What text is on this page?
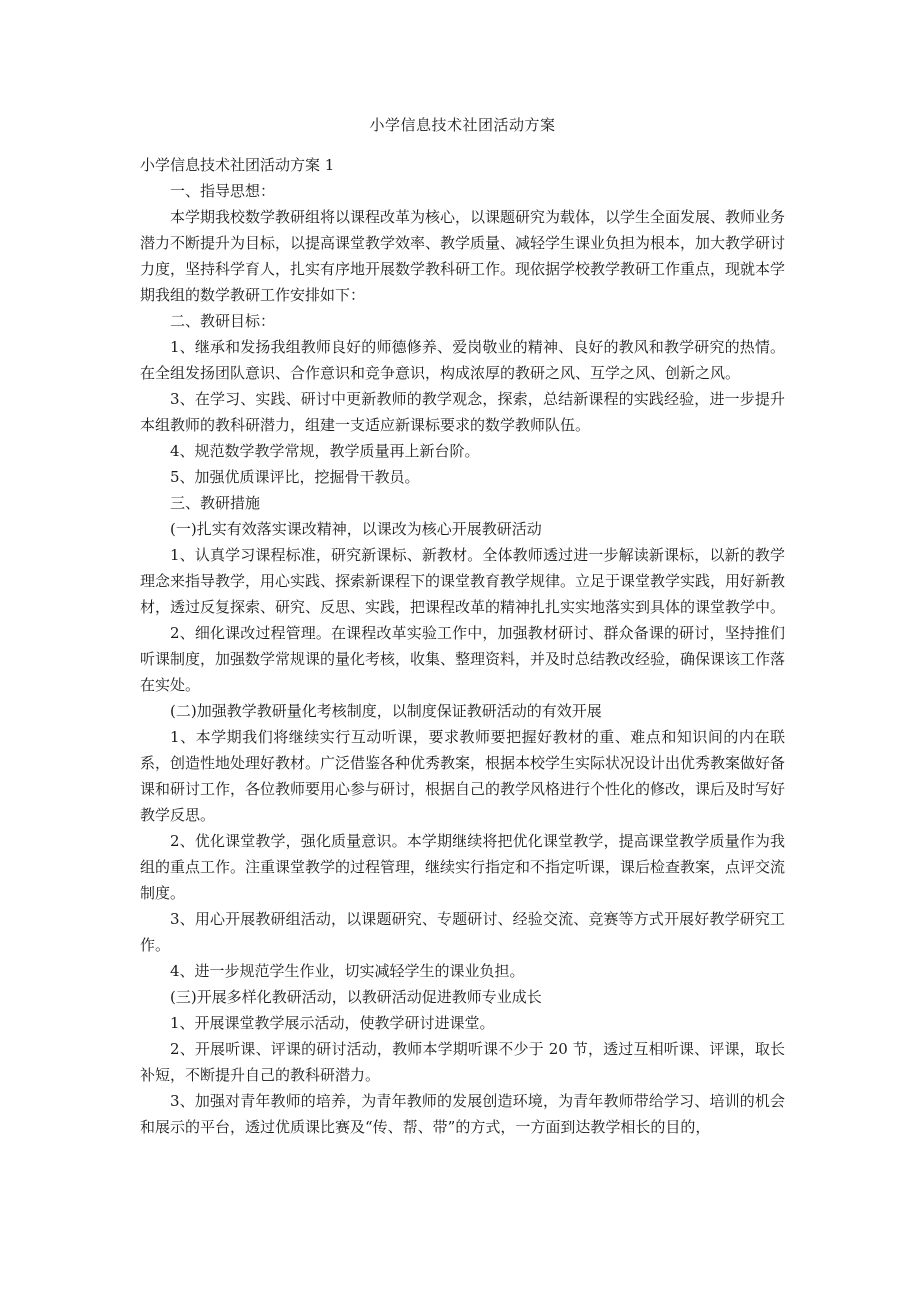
小学信息技术社团活动方案

小学信息技术社团活动方案 1

一、指导思想：

本学期我校数学教研组将以课程改革为核心，以课题研究为载体，以学生全面发展、教师业务潜力不断提升为目标，以提高课堂教学效率、教学质量、减轻学生课业负担为根本，加大教学研讨力度，坚持科学育人，扎实有序地开展数学教科研工作。现依据学校教学教研工作重点，现就本学期我组的数学教研工作安排如下：

二、教研目标：

1、继承和发扬我组教师良好的师德修养、爱岗敬业的精神、良好的教风和教学研究的热情。在全组发扬团队意识、合作意识和竞争意识，构成浓厚的教研之风、互学之风、创新之风。

3、在学习、实践、研讨中更新教师的教学观念，探索，总结新课程的实践经验，进一步提升本组教师的教科研潜力，组建一支适应新课标要求的数学教师队伍。

4、规范数学教学常规，教学质量再上新台阶。

5、加强优质课评比，挖掘骨干教员。

三、教研措施

(一)扎实有效落实课改精神，以课改为核心开展教研活动

1、认真学习课程标准，研究新课标、新教材。全体教师透过进一步解读新课标，以新的教学理念来指导教学，用心实践、探索新课程下的课堂教育教学规律。立足于课堂教学实践，用好新教材，透过反复探索、研究、反思、实践，把课程改革的精神扎扎实实地落实到具体的课堂教学中。

2、细化课改过程管理。在课程改革实验工作中，加强教材研讨、群众备课的研讨，坚持推们听课制度，加强数学常规课的量化考核，收集、整理资料，并及时总结教改经验，确保课该工作落在实处。

(二)加强教学教研量化考核制度，以制度保证教研活动的有效开展

1、本学期我们将继续实行互动听课，要求教师要把握好教材的重、难点和知识间的内在联系，创造性地处理好教材。广泛借鉴各种优秀教案，根据本校学生实际状况设计出优秀教案做好备课和研讨工作，各位教师要用心参与研讨，根据自己的教学风格进行个性化的修改，课后及时写好教学反思。

2、优化课堂教学，强化质量意识。本学期继续将把优化课堂教学，提高课堂教学质量作为我组的重点工作。注重课堂教学的过程管理，继续实行指定和不指定听课，课后检查教案，点评交流制度。

3、用心开展教研组活动，以课题研究、专题研讨、经验交流、竞赛等方式开展好教学研究工作。

4、进一步规范学生作业，切实减轻学生的课业负担。

(三)开展多样化教研活动，以教研活动促进教师专业成长

1、开展课堂教学展示活动，使教学研讨进课堂。

2、开展听课、评课的研讨活动，教师本学期听课不少于 20 节，透过互相听课、评课，取长补短，不断提升自己的教科研潜力。

3、加强对青年教师的培养，为青年教师的发展创造环境，为青年教师带给学习、培训的机会和展示的平台，透过优质课比赛及“传、帮、带”的方式，一方面到达教学相长的目的，
